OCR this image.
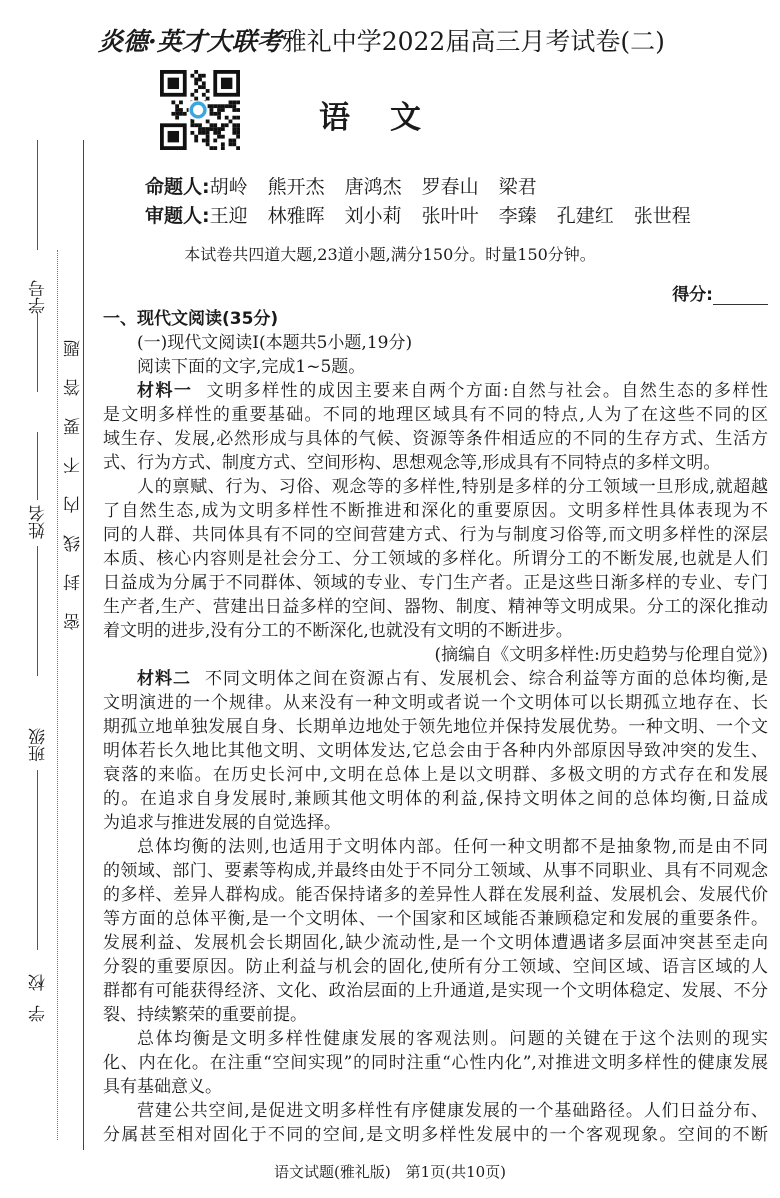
炎德·英才大联考雅礼中学2022届高三月考试卷(二)
语文
命题人:胡岭 熊开杰 唐鸿杰 罗春山 梁君
审题人:王迎 林雅晖 刘小莉 张叶叶 李臻 孔建红 张世程
本试卷共四道大题,23道小题,满分150分。时量150分钟。
得分:
学号
姓名
班级
学校
密封线内不要答题 一、现代文阅读(35分)
(一)现代文阅读Ⅰ(本题共5小题,19分)
阅读下面的文字,完成1~5题。
材料一 文明多样性的成因主要来自两个方面:自然与社会。自然生态的多样性
是文明多样性的重要基础。不同的地理区域具有不同的特点,人为了在这些不同的区
域生存、发展,必然形成与具体的气候、资源等条件相适应的不同的生存方式、生活方
式、行为方式、制度方式、空间形构、思想观念等,形成具有不同特点的多样文明。
人的禀赋、行为、习俗、观念等的多样性,特别是多样的分工领域一旦形成,就超越
了自然生态,成为文明多样性不断推进和深化的重要原因。文明多样性具体表现为不
同的人群、共同体具有不同的空间营建方式、行为与制度习俗等,而文明多样性的深层
本质、核心内容则是社会分工、分工领域的多样化。所谓分工的不断发展,也就是人们
日益成为分属于不同群体、领域的专业、专门生产者。正是这些日渐多样的专业、专门
生产者,生产、营建出日益多样的空间、器物、制度、精神等文明成果。分工的深化推动
着文明的进步,没有分工的不断深化,也就没有文明的不断进步。
(摘编自《文明多样性:历史趋势与伦理自觉》)
材料二 不同文明体之间在资源占有、发展机会、综合利益等方面的总体均衡,是
文明演进的一个规律。从来没有一种文明或者说一个文明体可以长期孤立地存在、长
期孤立地单独发展自身、长期单边地处于领先地位并保持发展优势。一种文明、一个文
明体若长久地比其他文明、文明体发达,它总会由于各种内外部原因导致冲突的发生、
衰落的来临。在历史长河中,文明在总体上是以文明群、多极文明的方式存在和发展
的。在追求自身发展时,兼顾其他文明体的利益,保持文明体之间的总体均衡,日益成
为追求与推进发展的自觉选择。
总体均衡的法则,也适用于文明体内部。任何一种文明都不是抽象物,而是由不同
的领域、部门、要素等构成,并最终由处于不同分工领域、从事不同职业、具有不同观念
的多样、差异人群构成。能否保持诸多的差异性人群在发展利益、发展机会、发展代价
等方面的总体平衡,是一个文明体、一个国家和区域能否兼顾稳定和发展的重要条件。
发展利益、发展机会长期固化,缺少流动性,是一个文明体遭遇诸多层面冲突甚至走向
分裂的重要原因。防止利益与机会的固化,使所有分工领域、空间区域、语言区域的人
群都有可能获得经济、文化、政治层面的上升通道,是实现一个文明体稳定、发展、不分
裂、持续繁荣的重要前提。
总体均衡是文明多样性健康发展的客观法则。问题的关键在于这个法则的现实
化、内在化。在注重“空间实现”的同时注重“心性内化”,对推进文明多样性的健康发展
具有基础意义。
营建公共空间,是促进文明多样性有序健康发展的一个基础路径。人们日益分布、
分属甚至相对固化于不同的空间,是文明多样性发展中的一个客观现象。空间的不断
语文试题(雅礼版)　第1页(共10页)
